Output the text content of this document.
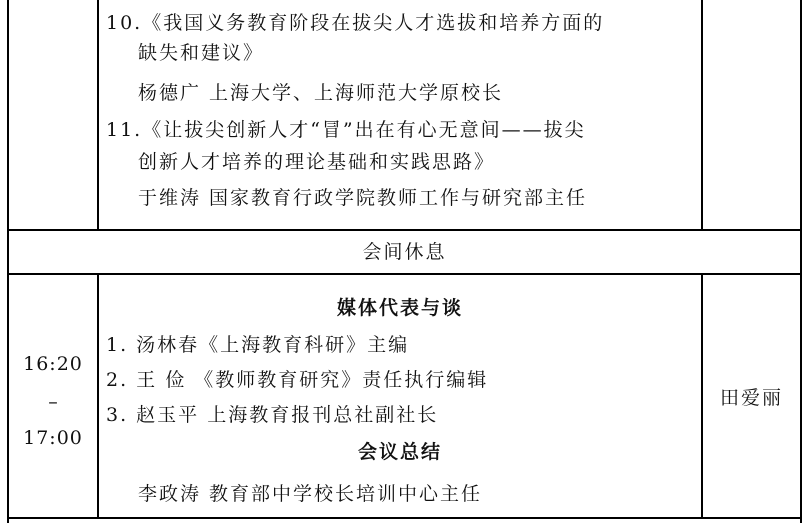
10.《我国义务教育阶段在拔尖人才选拔和培养方面的
缺失和建议》
杨德广 上海大学、上海师范大学原校长
11.《让拔尖创新人才“冒”出在有心无意间——拔尖
创新人才培养的理论基础和实践思路》
于维涛 国家教育行政学院教师工作与研究部主任
会间休息
16:20
–
17:00
媒体代表与谈
1. 汤林春《上海教育科研》主编
2. 王 俭 《教师教育研究》责任执行编辑
3. 赵玉平 上海教育报刊总社副社长
会议总结
李政涛 教育部中学校长培训中心主任
田爱丽
